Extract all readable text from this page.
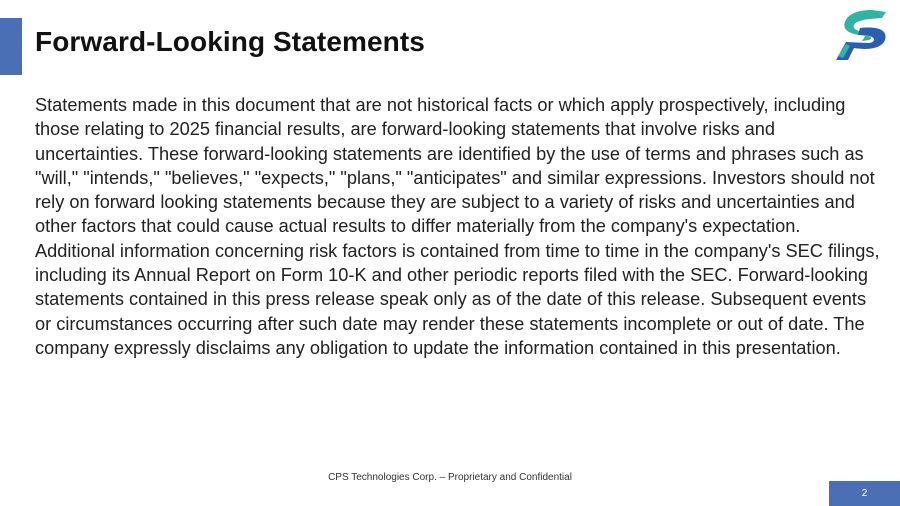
Forward-Looking Statements

Statements made in this document that are not historical facts or which apply prospectively, including those relating to 2025 financial results, are forward-looking statements that involve risks and uncertainties. These forward-looking statements are identified by the use of terms and phrases such as "will," "intends," "believes," "expects," "plans," "anticipates" and similar expressions. Investors should not rely on forward looking statements because they are subject to a variety of risks and uncertainties and other factors that could cause actual results to differ materially from the company's expectation. Additional information concerning risk factors is contained from time to time in the company's SEC filings, including its Annual Report on Form 10-K and other periodic reports filed with the SEC. Forward-looking statements contained in this press release speak only as of the date of this release. Subsequent events or circumstances occurring after such date may render these statements incomplete or out of date. The company expressly disclaims any obligation to update the information contained in this presentation.

CPS Technologies Corp. – Proprietary and Confidential
2
